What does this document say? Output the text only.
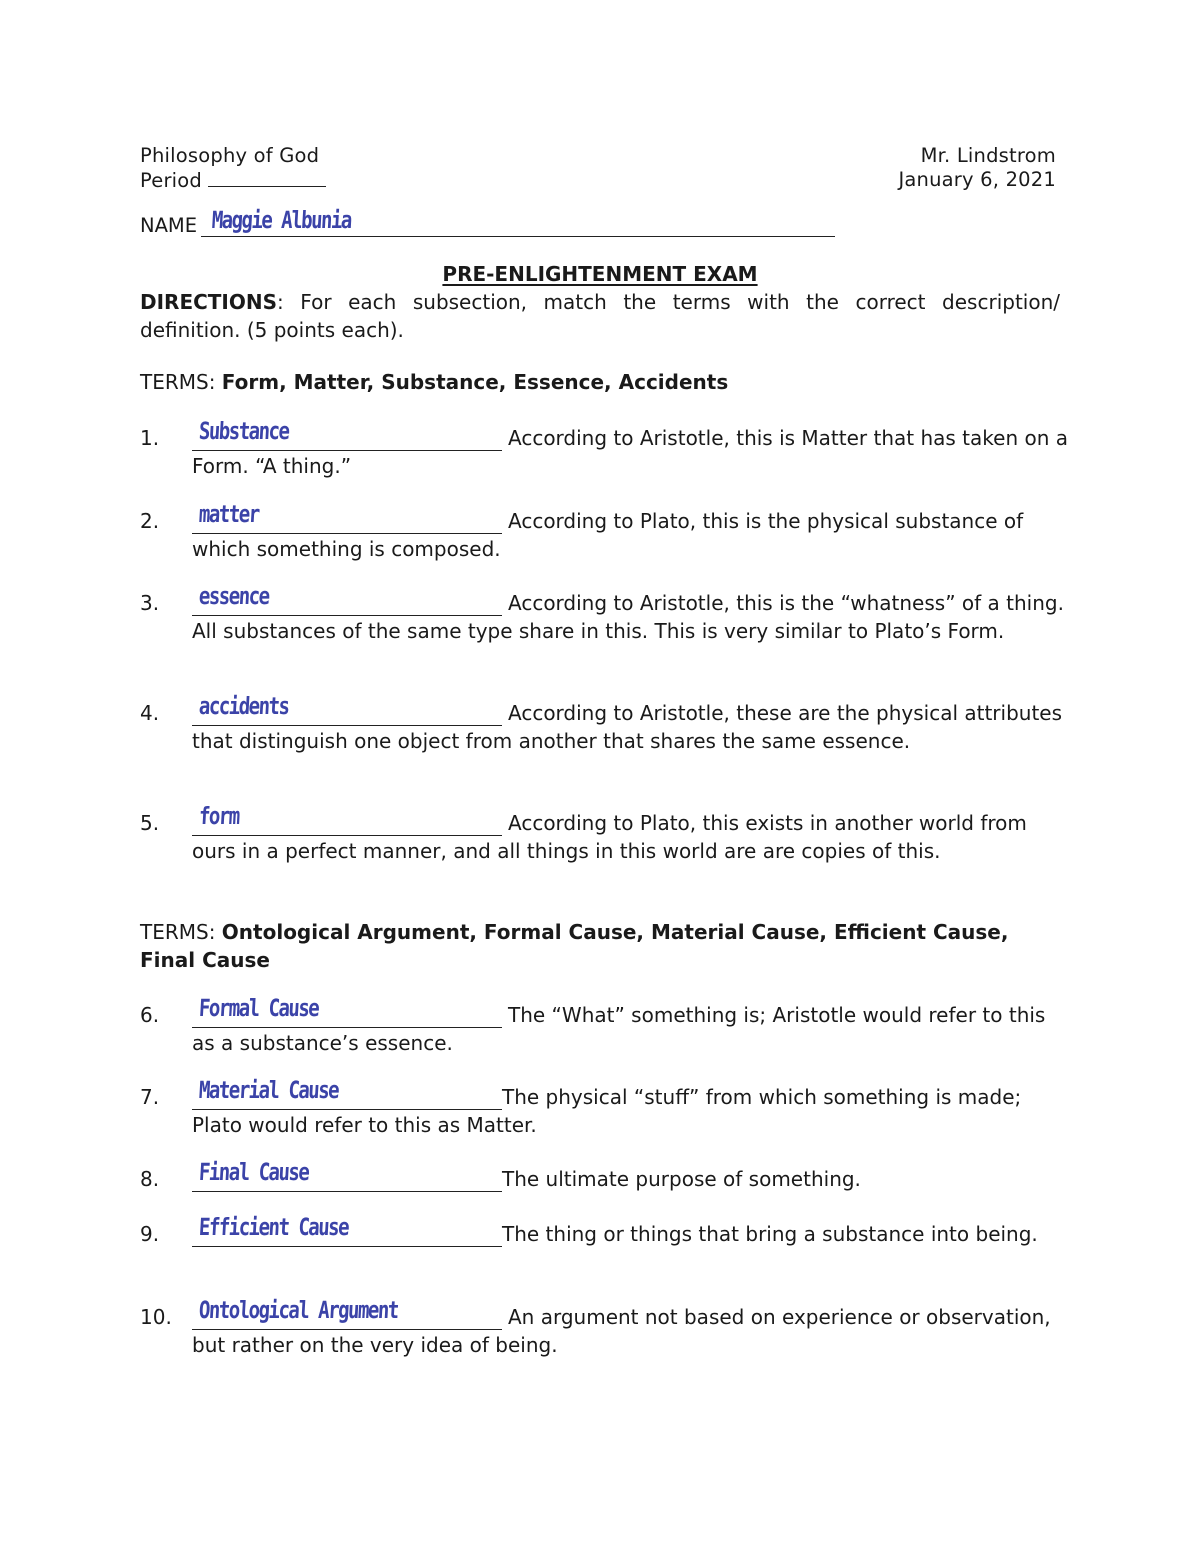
Philosophy of God
Period
Mr. Lindstrom
January 6, 2021
NAME Maggie Albunia
PRE-ENLIGHTENMENT EXAM
DIRECTIONS: For each subsection, match the terms with the correct description/ definition. (5 points each).
TERMS: Form, Matter, Substance, Essence, Accidents
1.	Substance	According to Aristotle, this is Matter that has taken on a Form. “A thing.”
2.	matter	According to Plato, this is the physical substance of which something is composed.
3.	essence	According to Aristotle, this is the “whatness” of a thing. All substances of the same type share in this. This is very similar to Plato’s Form.
4.	accidents	According to Aristotle, these are the physical attributes that distinguish one object from another that shares the same essence.
5.	form	According to Plato, this exists in another world from ours in a perfect manner, and all things in this world are are copies of this.
TERMS: Ontological Argument, Formal Cause, Material Cause, Efficient Cause, Final Cause
6.	Formal Cause	The “What” something is; Aristotle would refer to this as a substance’s essence.
7.	Material Cause	The physical “stuff” from which something is made; Plato would refer to this as Matter.
8.	Final Cause	The ultimate purpose of something.
9.	Efficient Cause	The thing or things that bring a substance into being.
10.	Ontological Argument	An argument not based on experience or observation, but rather on the very idea of being.
